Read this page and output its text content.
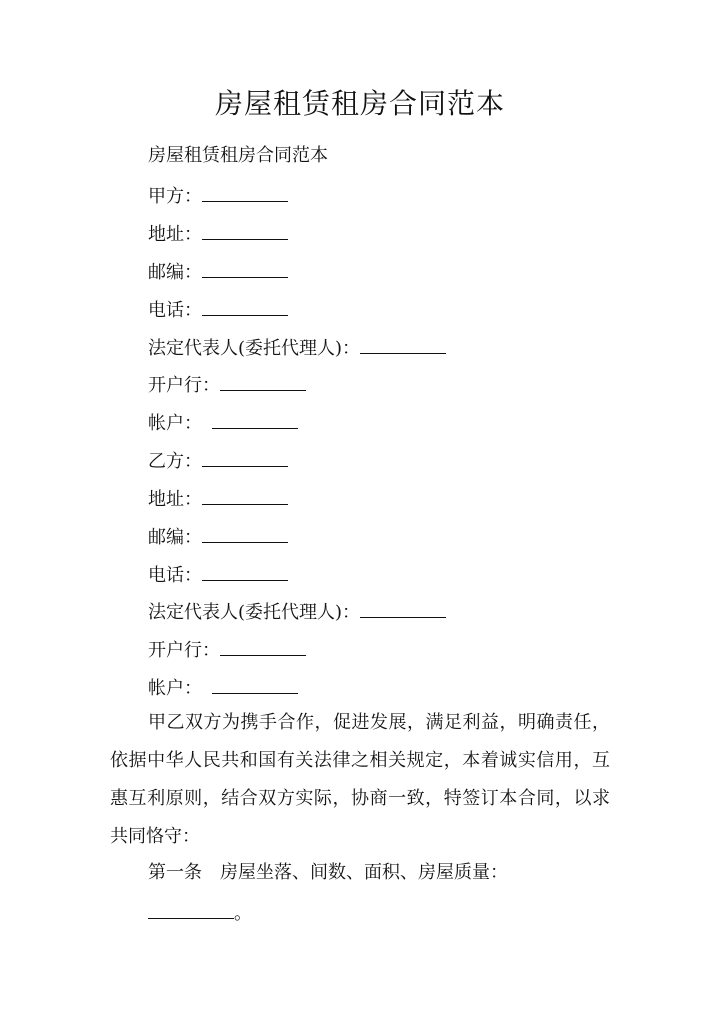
房屋租赁租房合同范本
房屋租赁租房合同范本
甲方：
地址：
邮编：
电话：
法定代表人(委托代理人)：
开户行：
帐户：
乙方：
地址：
邮编：
电话：
法定代表人(委托代理人)：
开户行：
帐户：
甲乙双方为携手合作，促进发展，满足利益，明确责任，依据中华人民共和国有关法律之相关规定，本着诚实信用，互惠互利原则，结合双方实际，协商一致，特签订本合同，以求共同恪守：
第一条　房屋坐落、间数、面积、房屋质量：
。
